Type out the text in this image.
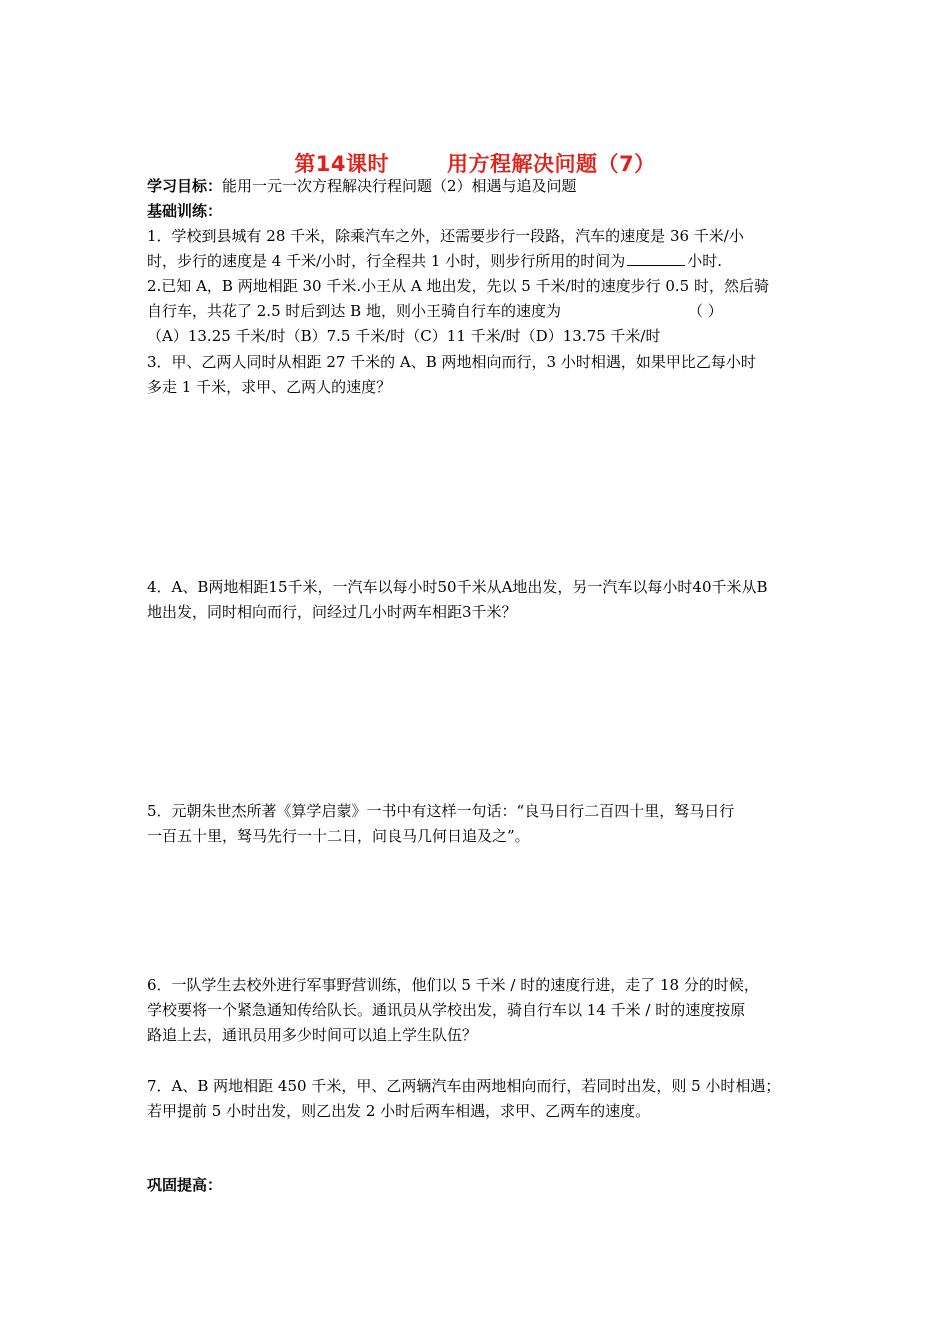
第14课时	用方程解决问题（7）
学习目标：能用一元一次方程解决行程问题（2）相遇与追及问题
基础训练：
1．学校到县城有 28 千米，除乘汽车之外，还需要步行一段路，汽车的速度是 36 千米/小
时，步行的速度是 4 千米/小时，行全程共 1 小时，则步行所用的时间为	小时.
2.已知 A，B 两地相距 30 千米.小王从 A 地出发，先以 5 千米/时的速度步行 0.5 时，然后骑
自行车，共花了 2.5 时后到达 B 地，则小王骑自行车的速度为	（ ）
（A）13.25 千米/时（B）7.5 千米/时（C）11 千米/时（D）13.75 千米/时
3．甲、乙两人同时从相距 27 千米的 A、B 两地相向而行，3 小时相遇，如果甲比乙每小时
多走 1 千米，求甲、乙两人的速度？
4．A、B两地相距15千米，一汽车以每小时50千米从A地出发，另一汽车以每小时40千米从B
地出发，同时相向而行，问经过几小时两车相距3千米？
5．元朝朱世杰所著《算学启蒙》一书中有这样一句话：“良马日行二百四十里，驽马日行
一百五十里，驽马先行一十二日，问良马几何日追及之”。
6．一队学生去校外进行军事野营训练，他们以 5 千米 / 时的速度行进，走了 18 分的时候，
学校要将一个紧急通知传给队长。通讯员从学校出发，骑自行车以 14 千米 / 时的速度按原
路追上去，通讯员用多少时间可以追上学生队伍？
7．A、B 两地相距 450 千米，甲、乙两辆汽车由两地相向而行，若同时出发，则 5 小时相遇；
若甲提前 5 小时出发，则乙出发 2 小时后两车相遇，求甲、乙两车的速度。
巩固提高：
